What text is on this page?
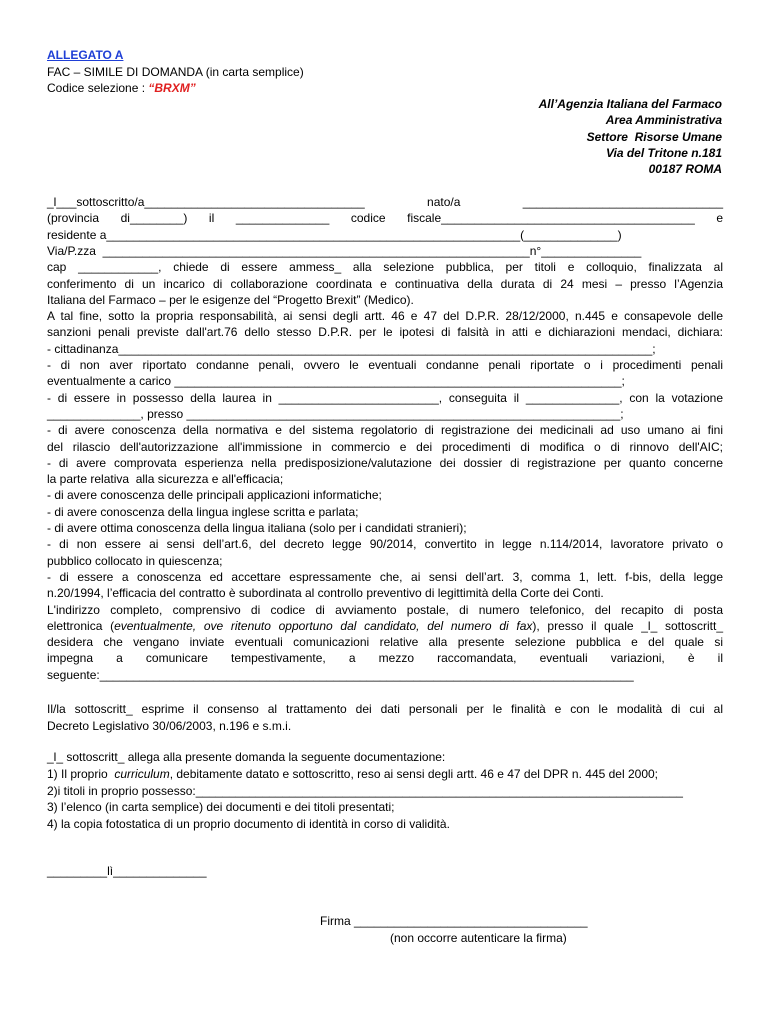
ALLEGATO A
FAC – SIMILE DI DOMANDA (in carta semplice)
Codice selezione : “BRXM”
All’Agenzia Italiana del Farmaco
Area Amministrativa
Settore  Risorse Umane
Via del Tritone n.181
00187 ROMA
_l___sottoscritto/a_________________________________ nato/a ______________________________
(provincia di________) il ______________ codice fiscale______________________________________ e
residente a______________________________________________________________(______________)
Via/P.zza  ________________________________________________________________n°_______________
cap ____________, chiede di essere ammess_ alla selezione pubblica, per titoli e colloquio, finalizzata al
conferimento di un incarico di collaborazione coordinata e continuativa della durata di 24 mesi – presso l’Agenzia
Italiana del Farmaco – per le esigenze del “Progetto Brexit” (Medico).
A tal fine, sotto la propria responsabilità, ai sensi degli artt. 46 e 47 del D.P.R. 28/12/2000, n.445 e consapevole delle
sanzioni penali previste dall'art.76 dello stesso D.P.R. per le ipotesi di falsità in atti e dichiarazioni mendaci, dichiara:
- cittadinanza________________________________________________________________________________;
- di non aver riportato condanne penali, ovvero le eventuali condanne penali riportate o i procedimenti penali
eventualmente a carico ___________________________________________________________________;
- di essere in possesso della laurea in ________________________, conseguita il ______________, con la votazione
______________, presso _________________________________________________________________;
- di avere conoscenza della normativa e del sistema regolatorio di registrazione dei medicinali ad uso umano ai fini
del rilascio dell'autorizzazione all'immissione in commercio e dei procedimenti di modifica o di rinnovo dell'AIC;
- di avere comprovata esperienza nella predisposizione/valutazione dei dossier di registrazione per quanto concerne
la parte relativa  alla sicurezza e all'efficacia;
- di avere conoscenza delle principali applicazioni informatiche;
- di avere conoscenza della lingua inglese scritta e parlata;
- di avere ottima conoscenza della lingua italiana (solo per i candidati stranieri);
- di non essere ai sensi dell’art.6, del decreto legge 90/2014, convertito in legge n.114/2014, lavoratore privato o
pubblico collocato in quiescenza;
- di essere a conoscenza ed accettare espressamente che, ai sensi dell’art. 3, comma 1, lett. f-bis, della legge
n.20/1994, l’efficacia del contratto è subordinata al controllo preventivo di legittimità della Corte dei Conti.
L'indirizzo completo, comprensivo di codice di avviamento postale, di numero telefonico, del recapito di posta
elettronica (eventualmente, ove ritenuto opportuno dal candidato, del numero di fax), presso il quale _l_ sottoscritt_
desidera che vengano inviate eventuali comunicazioni relative alla presente selezione pubblica e del quale si
impegna a comunicare tempestivamente, a mezzo raccomandata, eventuali variazioni, è il
seguente:________________________________________________________________________________
Il/la sottoscritt_ esprime il consenso al trattamento dei dati personali per le finalità e con le modalità di cui al
Decreto Legislativo 30/06/2003, n.196 e s.m.i.
_l_ sottoscritt_ allega alla presente domanda la seguente documentazione:
1) Il proprio  curriculum, debitamente datato e sottoscritto, reso ai sensi degli artt. 46 e 47 del DPR n. 445 del 2000;
2)i titoli in proprio possesso:_________________________________________________________________________
3) l’elenco (in carta semplice) dei documenti e dei titoli presentati;
4) la copia fotostatica di un proprio documento di identità in corso di validità.
_________lì______________
Firma ___________________________________
(non occorre autenticare la firma)
